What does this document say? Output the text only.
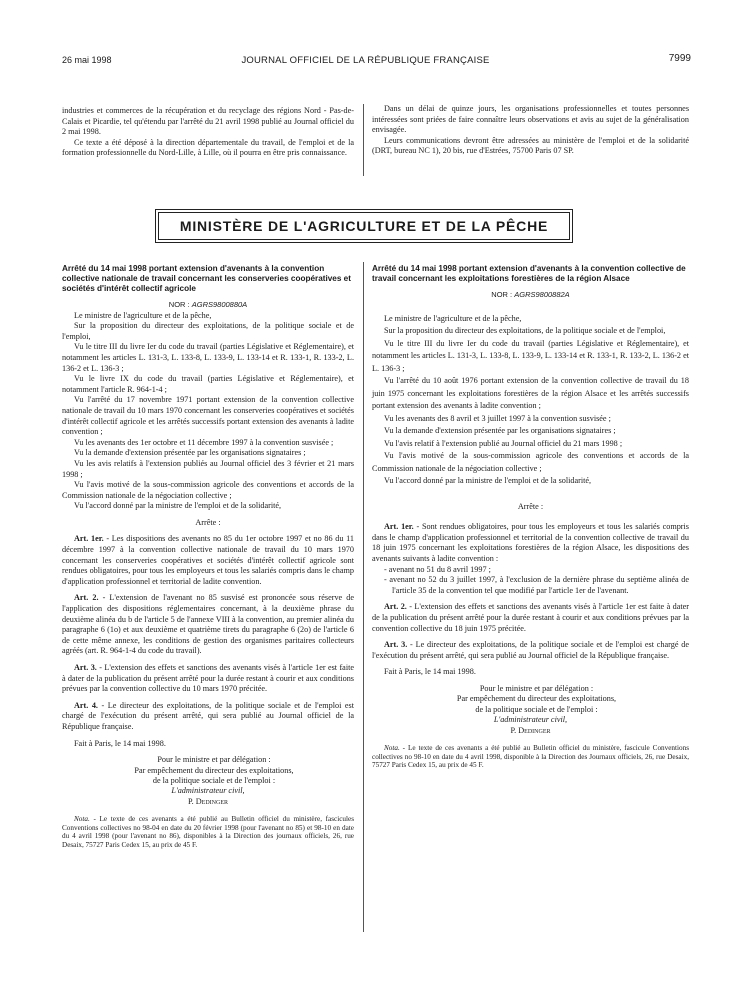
26 mai 1998	JOURNAL OFFICIEL DE LA RÉPUBLIQUE FRANÇAISE	7999

industries et commerces de la récupération et du recyclage des régions Nord - Pas-de-Calais et Picardie, tel qu'étendu par l'arrêté du 21 avril 1998 publié au Journal officiel du 2 mai 1998.

Ce texte a été déposé à la direction départementale du travail, de l'emploi et de la formation professionnelle du Nord-Lille, à Lille, où il pourra en être pris connaissance.

Dans un délai de quinze jours, les organisations professionnelles et toutes personnes intéressées sont priées de faire connaître leurs observations et avis au sujet de la généralisation envisagée.

Leurs communications devront être adressées au ministère de l'emploi et de la solidarité (DRT, bureau NC 1), 20 bis, rue d'Estrées, 75700 Paris 07 SP.

MINISTÈRE DE L'AGRICULTURE ET DE LA PÊCHE

Arrêté du 14 mai 1998 portant extension d'avenants à la convention collective nationale de travail concernant les conserveries coopératives et sociétés d'intérêt collectif agricole

NOR : AGRS9800880A

Le ministre de l'agriculture et de la pêche,

Sur la proposition du directeur des exploitations, de la politique sociale et de l'emploi,

Vu le titre III du livre Ier du code du travail (parties Législative et Réglementaire), et notamment les articles L. 131-3, L. 133-8, L. 133-9, L. 133-14 et R. 133-1, R. 133-2, L. 136-2 et L. 136-3 ;

Vu le livre IX du code du travail (parties Législative et Réglementaire), et notamment l'article R. 964-1-4 ;

Vu l'arrêté du 17 novembre 1971 portant extension de la convention collective nationale de travail du 10 mars 1970 concernant les conserveries coopératives et sociétés d'intérêt collectif agricole et les arrêtés successifs portant extension des avenants à ladite convention ;

Vu les avenants des 1er octobre et 11 décembre 1997 à la convention susvisée ;

Vu la demande d'extension présentée par les organisations signataires ;

Vu les avis relatifs à l'extension publiés au Journal officiel des 3 février et 21 mars 1998 ;

Vu l'avis motivé de la sous-commission agricole des conventions et accords de la Commission nationale de la négociation collective ;

Vu l'accord donné par la ministre de l'emploi et de la solidarité,

Arrête :

Art. 1er. - Les dispositions des avenants no 85 du 1er octobre 1997 et no 86 du 11 décembre 1997 à la convention collective nationale de travail du 10 mars 1970 concernant les conserveries coopératives et sociétés d'intérêt collectif agricole sont rendues obligatoires, pour tous les employeurs et tous les salariés compris dans le champ d'application professionnel et territorial de ladite convention.

Art. 2. - L'extension de l'avenant no 85 susvisé est prononcée sous réserve de l'application des dispositions réglementaires concernant, à la deuxième phrase du deuxième alinéa du b de l'article 5 de l'annexe VIII à la convention, au premier alinéa du paragraphe 6 (1o) et aux deuxième et quatrième tirets du paragraphe 6 (2o) de l'article 6 de cette même annexe, les conditions de gestion des organismes paritaires collecteurs agréés (art. R. 964-1-4 du code du travail).

Art. 3. - L'extension des effets et sanctions des avenants visés à l'article 1er est faite à dater de la publication du présent arrêté pour la durée restant à courir et aux conditions prévues par la convention collective du 10 mars 1970 précitée.

Art. 4. - Le directeur des exploitations, de la politique sociale et de l'emploi est chargé de l'exécution du présent arrêté, qui sera publié au Journal officiel de la République française.

Fait à Paris, le 14 mai 1998.

Pour le ministre et par délégation :

Par empêchement du directeur des exploitations,

de la politique sociale et de l'emploi :

L'administrateur civil,

P. Dedinger

Nota. - Le texte de ces avenants a été publié au Bulletin officiel du ministère, fascicules Conventions collectives no 98-04 en date du 20 février 1998 (pour l'avenant no 85) et 98-10 en date du 4 avril 1998 (pour l'avenant no 86), disponibles à la Direction des journaux officiels, 26, rue Desaix, 75727 Paris Cedex 15, au prix de 45 F.

Arrêté du 14 mai 1998 portant extension d'avenants à la convention collective de travail concernant les exploitations forestières de la région Alsace

NOR : AGRS9800882A

Le ministre de l'agriculture et de la pêche,

Sur la proposition du directeur des exploitations, de la politique sociale et de l'emploi,

Vu le titre III du livre Ier du code du travail (parties Législative et Réglementaire), et notamment les articles L. 131-3, L. 133-8, L. 133-9, L. 133-14 et R. 133-1, R. 133-2, L. 136-2 et L. 136-3 ;

Vu l'arrêté du 10 août 1976 portant extension de la convention collective de travail du 18 juin 1975 concernant les exploitations forestières de la région Alsace et les arrêtés successifs portant extension des avenants à ladite convention ;

Vu les avenants des 8 avril et 3 juillet 1997 à la convention susvisée ;

Vu la demande d'extension présentée par les organisations signataires ;

Vu l'avis relatif à l'extension publié au Journal officiel du 21 mars 1998 ;

Vu l'avis motivé de la sous-commission agricole des conventions et accords de la Commission nationale de la négociation collective ;

Vu l'accord donné par la ministre de l'emploi et de la solidarité,

Arrête :

Art. 1er. - Sont rendues obligatoires, pour tous les employeurs et tous les salariés compris dans le champ d'application professionnel et territorial de la convention collective de travail du 18 juin 1975 concernant les exploitations forestières de la région Alsace, les dispositions des avenants suivants à ladite convention :

- avenant no 51 du 8 avril 1997 ;

- avenant no 52 du 3 juillet 1997, à l'exclusion de la dernière phrase du septième alinéa de l'article 35 de la convention tel que modifié par l'article 1er de l'avenant.

Art. 2. - L'extension des effets et sanctions des avenants visés à l'article 1er est faite à dater de la publication du présent arrêté pour la durée restant à courir et aux conditions prévues par la convention collective du 18 juin 1975 précitée.

Art. 3. - Le directeur des exploitations, de la politique sociale et de l'emploi est chargé de l'exécution du présent arrêté, qui sera publié au Journal officiel de la République française.

Fait à Paris, le 14 mai 1998.

Pour le ministre et par délégation :

Par empêchement du directeur des exploitations,

de la politique sociale et de l'emploi :

L'administrateur civil,

P. Dedinger

Nota. - Le texte de ces avenants a été publié au Bulletin officiel du ministère, fascicule Conventions collectives no 98-10 en date du 4 avril 1998, disponible à la Direction des Journaux officiels, 26, rue Desaix, 75727 Paris Cedex 15, au prix de 45 F.
